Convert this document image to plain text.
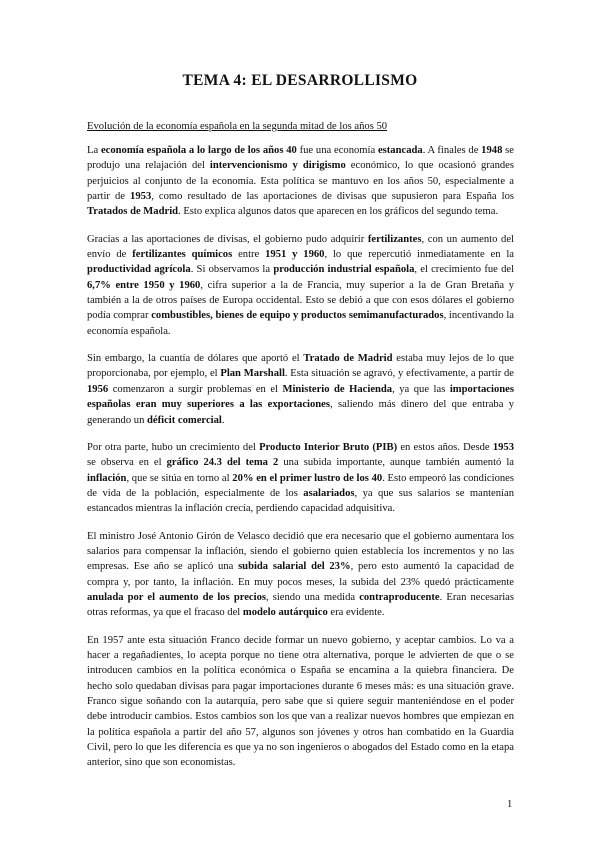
TEMA 4: EL DESARROLLISMO
Evolución de la economía española en la segunda mitad de los años 50

La economía española a lo largo de los años 40 fue una economía estancada. A finales de 1948 se produjo una relajación del intervencionismo y dirigismo económico, lo que ocasionó grandes perjuicios al conjunto de la economía. Esta política se mantuvo en los años 50, especialmente a partir de 1953, como resultado de las aportaciones de divisas que supusieron para España los Tratados de Madrid. Esto explica algunos datos que aparecen en los gráficos del segundo tema.

Gracias a las aportaciones de divisas, el gobierno pudo adquirir fertilizantes, con un aumento del envío de fertilizantes químicos entre 1951 y 1960, lo que repercutió inmediatamente en la productividad agrícola. Si observamos la producción industrial española, el crecimiento fue del 6,7% entre 1950 y 1960, cifra superior a la de Francia, muy superior a la de Gran Bretaña y también a la de otros países de Europa occidental. Esto se debió a que con esos dólares el gobierno podía comprar combustibles, bienes de equipo y productos semimanufacturados, incentivando la economía española.

Sin embargo, la cuantía de dólares que aportó el Tratado de Madrid estaba muy lejos de lo que proporcionaba, por ejemplo, el Plan Marshall. Esta situación se agravó, y efectivamente, a partir de 1956 comenzaron a surgir problemas en el Ministerio de Hacienda, ya que las importaciones españolas eran muy superiores a las exportaciones, saliendo más dinero del que entraba y generando un déficit comercial.

Por otra parte, hubo un crecimiento del Producto Interior Bruto (PIB) en estos años. Desde 1953 se observa en el gráfico 24.3 del tema 2 una subida importante, aunque también aumentó la inflación, que se sitúa en torno al 20% en el primer lustro de los 40. Esto empeoró las condiciones de vida de la población, especialmente de los asalariados, ya que sus salarios se mantenían estancados mientras la inflación crecía, perdiendo capacidad adquisitiva.

El ministro José Antonio Girón de Velasco decidió que era necesario que el gobierno aumentara los salarios para compensar la inflación, siendo el gobierno quien establecía los incrementos y no las empresas. Ese año se aplicó una subida salarial del 23%, pero esto aumentó la capacidad de compra y, por tanto, la inflación. En muy pocos meses, la subida del 23% quedó prácticamente anulada por el aumento de los precios, siendo una medida contraproducente. Eran necesarias otras reformas, ya que el fracaso del modelo autárquico era evidente.

En 1957 ante esta situación Franco decide formar un nuevo gobierno, y aceptar cambios. Lo va a hacer a regañadientes, lo acepta porque no tiene otra alternativa, porque le advierten de que o se introducen cambios en la política económica o España se encamina a la quiebra financiera. De hecho solo quedaban divisas para pagar importaciones durante 6 meses más: es una situación grave. Franco sigue soñando con la autarquía, pero sabe que si quiere seguir manteniéndose en el poder debe introducir cambios. Estos cambios son los que van a realizar nuevos hombres que empiezan en la política española a partir del año 57, algunos son jóvenes y otros han combatido en la Guardia Civil, pero lo que les diferencia es que ya no son ingenieros o abogados del Estado como en la etapa anterior, sino que son economistas.

1
